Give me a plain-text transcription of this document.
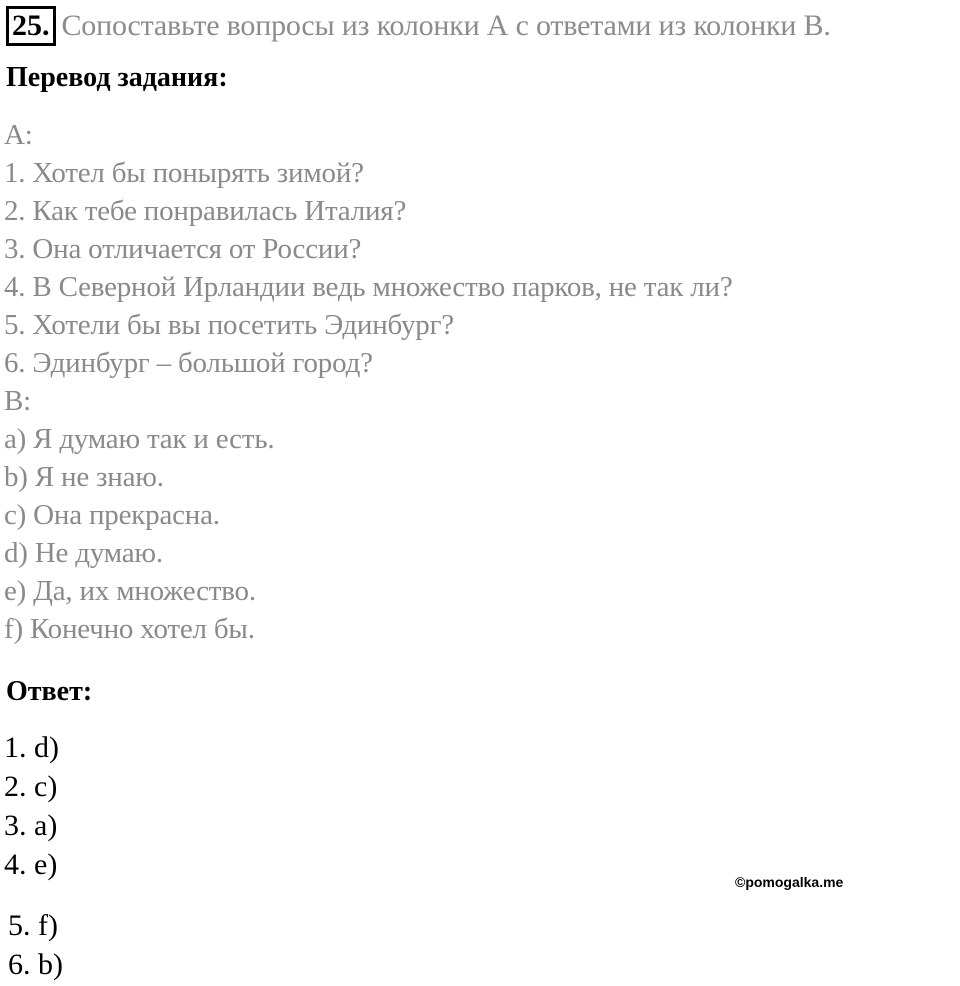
25. Сопоставьте вопросы из колонки А с ответами из колонки В.
Перевод задания:
А:
1. Хотел бы понырять зимой?
2. Как тебе понравилась Италия?
3. Она отличается от России?
4. В Северной Ирландии ведь множество парков, не так ли?
5. Хотели бы вы посетить Эдинбург?
6. Эдинбург – большой город?
В:
а) Я думаю так и есть.
b) Я не знаю.
c) Она прекрасна.
d) Не думаю.
e) Да, их множество.
f) Конечно хотел бы.
Ответ:
1. d)
2. c)
3. a)
4. e)
5. f)
6. b)
©pomogalka.me
